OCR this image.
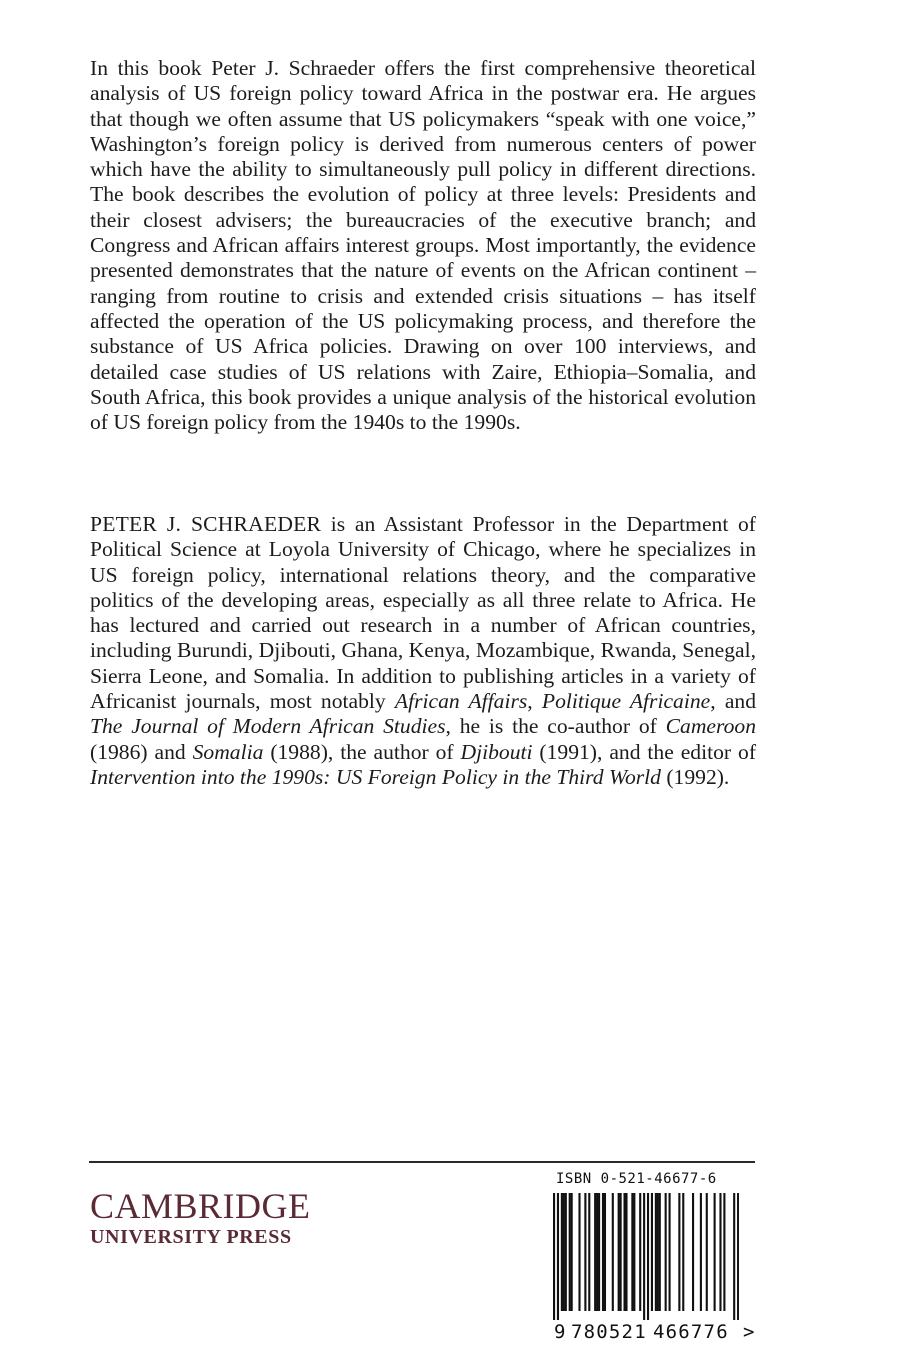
In this book Peter J. Schraeder offers the first comprehensive theoretical analysis of US foreign policy toward Africa in the postwar era. He argues that though we often assume that US policymakers “speak with one voice,” Washington’s foreign policy is derived from numerous centers of power which have the ability to simultaneously pull policy in different directions. The book describes the evolution of policy at three levels: Presidents and their closest advisers; the bureaucracies of the executive branch; and Congress and African affairs interest groups. Most importantly, the evidence presented demonstrates that the nature of events on the African continent – ranging from routine to crisis and extended crisis situations – has itself affected the operation of the US policymaking process, and therefore the substance of US Africa policies. Drawing on over 100 interviews, and detailed case studies of US relations with Zaire, Ethiopia–Somalia, and South Africa, this book provides a unique analysis of the historical evolution of US foreign policy from the 1940s to the 1990s.

PETER J. SCHRAEDER is an Assistant Professor in the Department of Political Science at Loyola University of Chicago, where he specializes in US foreign policy, international relations theory, and the comparative politics of the developing areas, especially as all three relate to Africa. He has lectured and carried out research in a number of African countries, including Burundi, Djibouti, Ghana, Kenya, Mozambique, Rwanda, Senegal, Sierra Leone, and Somalia. In addition to publishing articles in a variety of Africanist journals, most notably African Affairs, Politique Africaine, and The Journal of Modern African Studies, he is the co-author of Cameroon (1986) and Somalia (1988), the author of Djibouti (1991), and the editor of Intervention into the 1990s: US Foreign Policy in the Third World (1992).

CAMBRIDGE
UNIVERSITY PRESS
ISBN 0-521-46677-6
9 780521 466776 >
